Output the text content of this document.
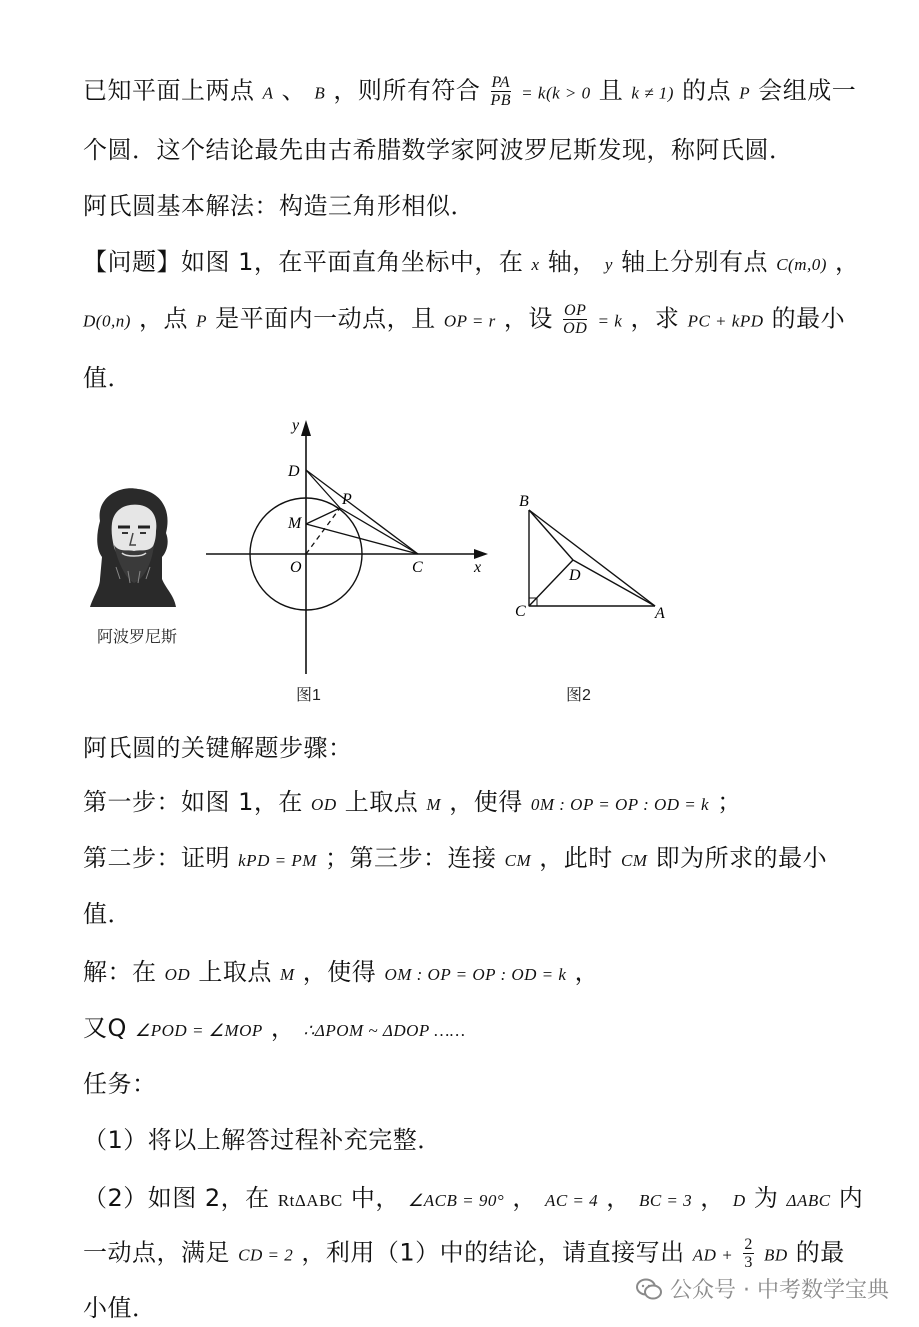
已知平面上两点 A 、 B ，则所有符合 $\frac{PA}{PB} = k(k > 0$ 且 k ≠ 1) 的点 P 会组成一
个圆．这个结论最先由古希腊数学家阿波罗尼斯发现，称阿氏圆．
阿氏圆基本解法：构造三角形相似．
【问题】如图 1，在平面直角坐标中，在 x 轴， y 轴上分别有点 C(m,0) ，
D(0,n) ，点 P 是平面内一动点，且 OP = r ，设 $\frac{OP}{OD} = k$ ，求 PC + kPD 的最小
值．
阿波罗尼斯
y
x
D
P
M
O	C
图1
B
C
D
A
图2
阿氏圆的关键解题步骤：
第一步：如图 1，在 OD 上取点 M ，使得 0M : OP = OP : OD = k ；
第二步：证明 kPD = PM ；第三步：连接 CM ，此时 CM 即为所求的最小
值．
解：在 OD 上取点 M ，使得 OM : OP = OP : OD = k ，
又Q ∠POD = ∠MOP ， ∴ΔPOM ~ ΔDOP ……
任务：
（1）将以上解答过程补充完整．
（2）如图 2，在 RtΔABC 中， ∠ACB = 90° ， AC = 4 ， BC = 3 ， D 为 ΔABC 内
一动点，满足 CD = 2 ，利用（1）中的结论，请直接写出 AD + $\frac{2}{3}$ BD 的最
小值．
公众号 · 中考数学宝典
